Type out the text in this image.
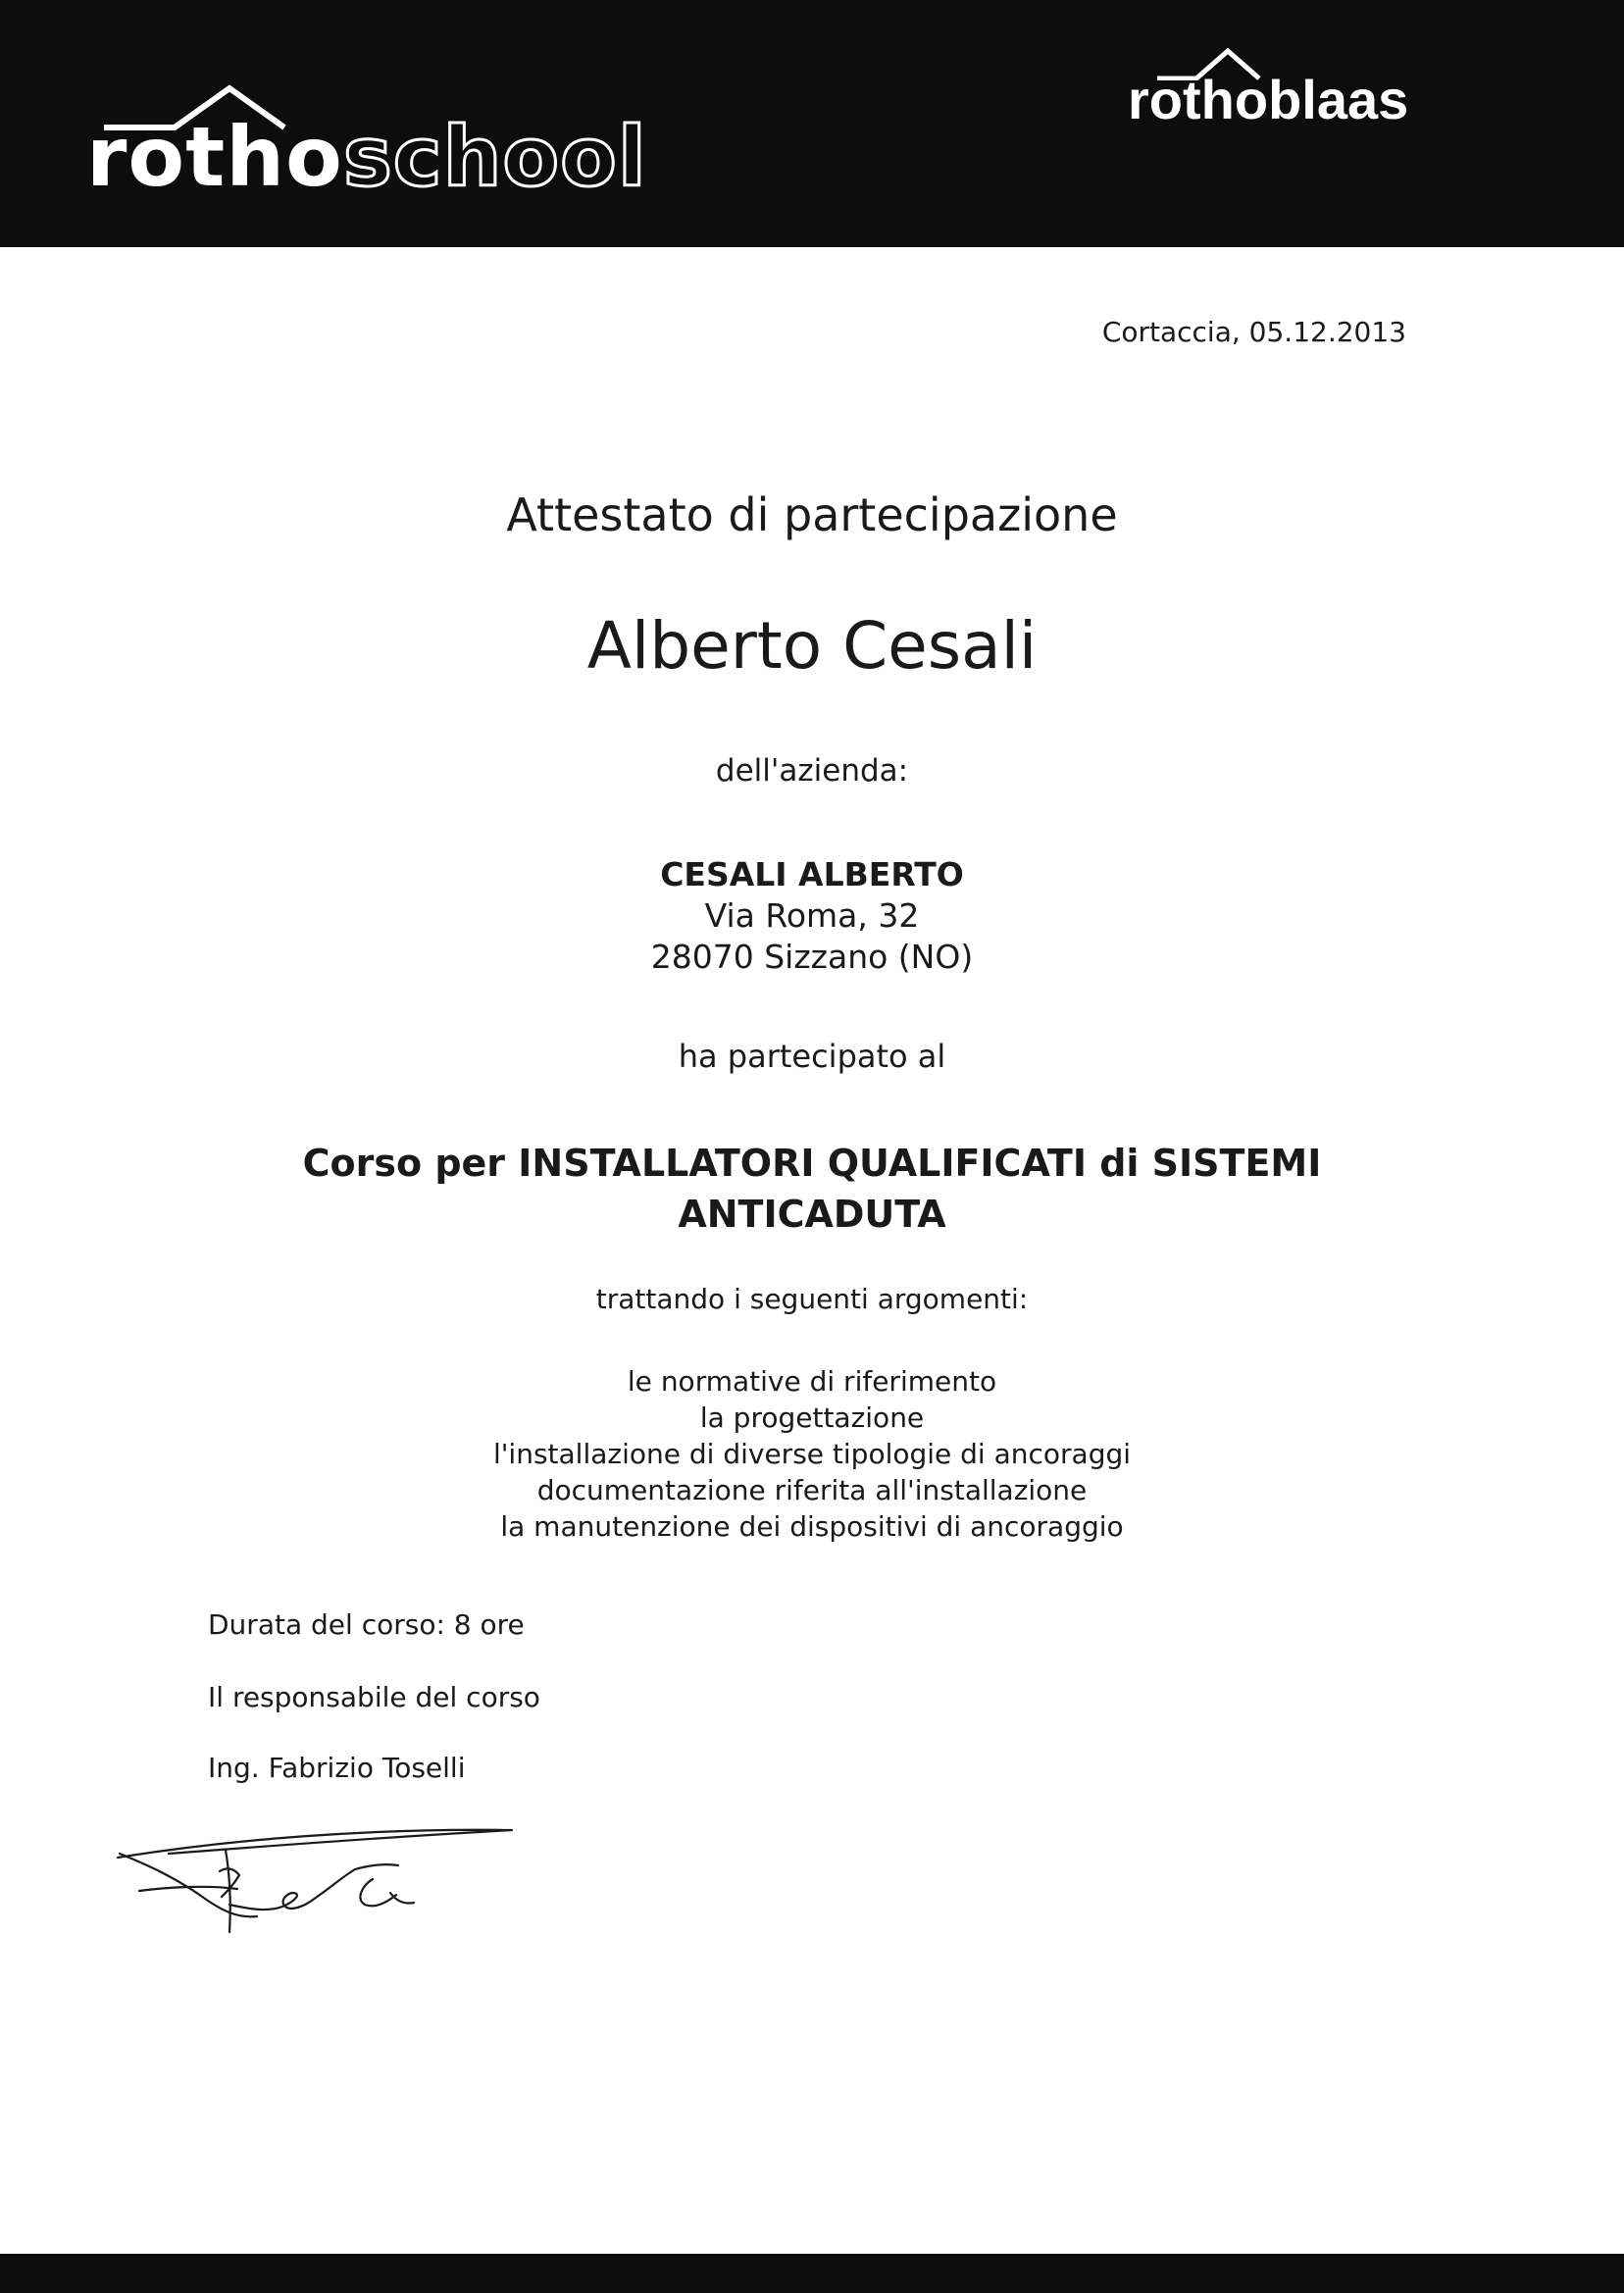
rothoschool
rothoblaas
Cortaccia, 05.12.2013
Attestato di partecipazione
Alberto Cesali
dell'azienda:
CESALI ALBERTO
Via Roma, 32
28070 Sizzano (NO)
ha partecipato al
Corso per INSTALLATORI QUALIFICATI di SISTEMI
ANTICADUTA
trattando i seguenti argomenti:
le normative di riferimento
la progettazione
l'installazione di diverse tipologie di ancoraggi
documentazione riferita all'installazione
la manutenzione dei dispositivi di ancoraggio
Durata del corso: 8 ore
Il responsabile del corso
Ing. Fabrizio Toselli
